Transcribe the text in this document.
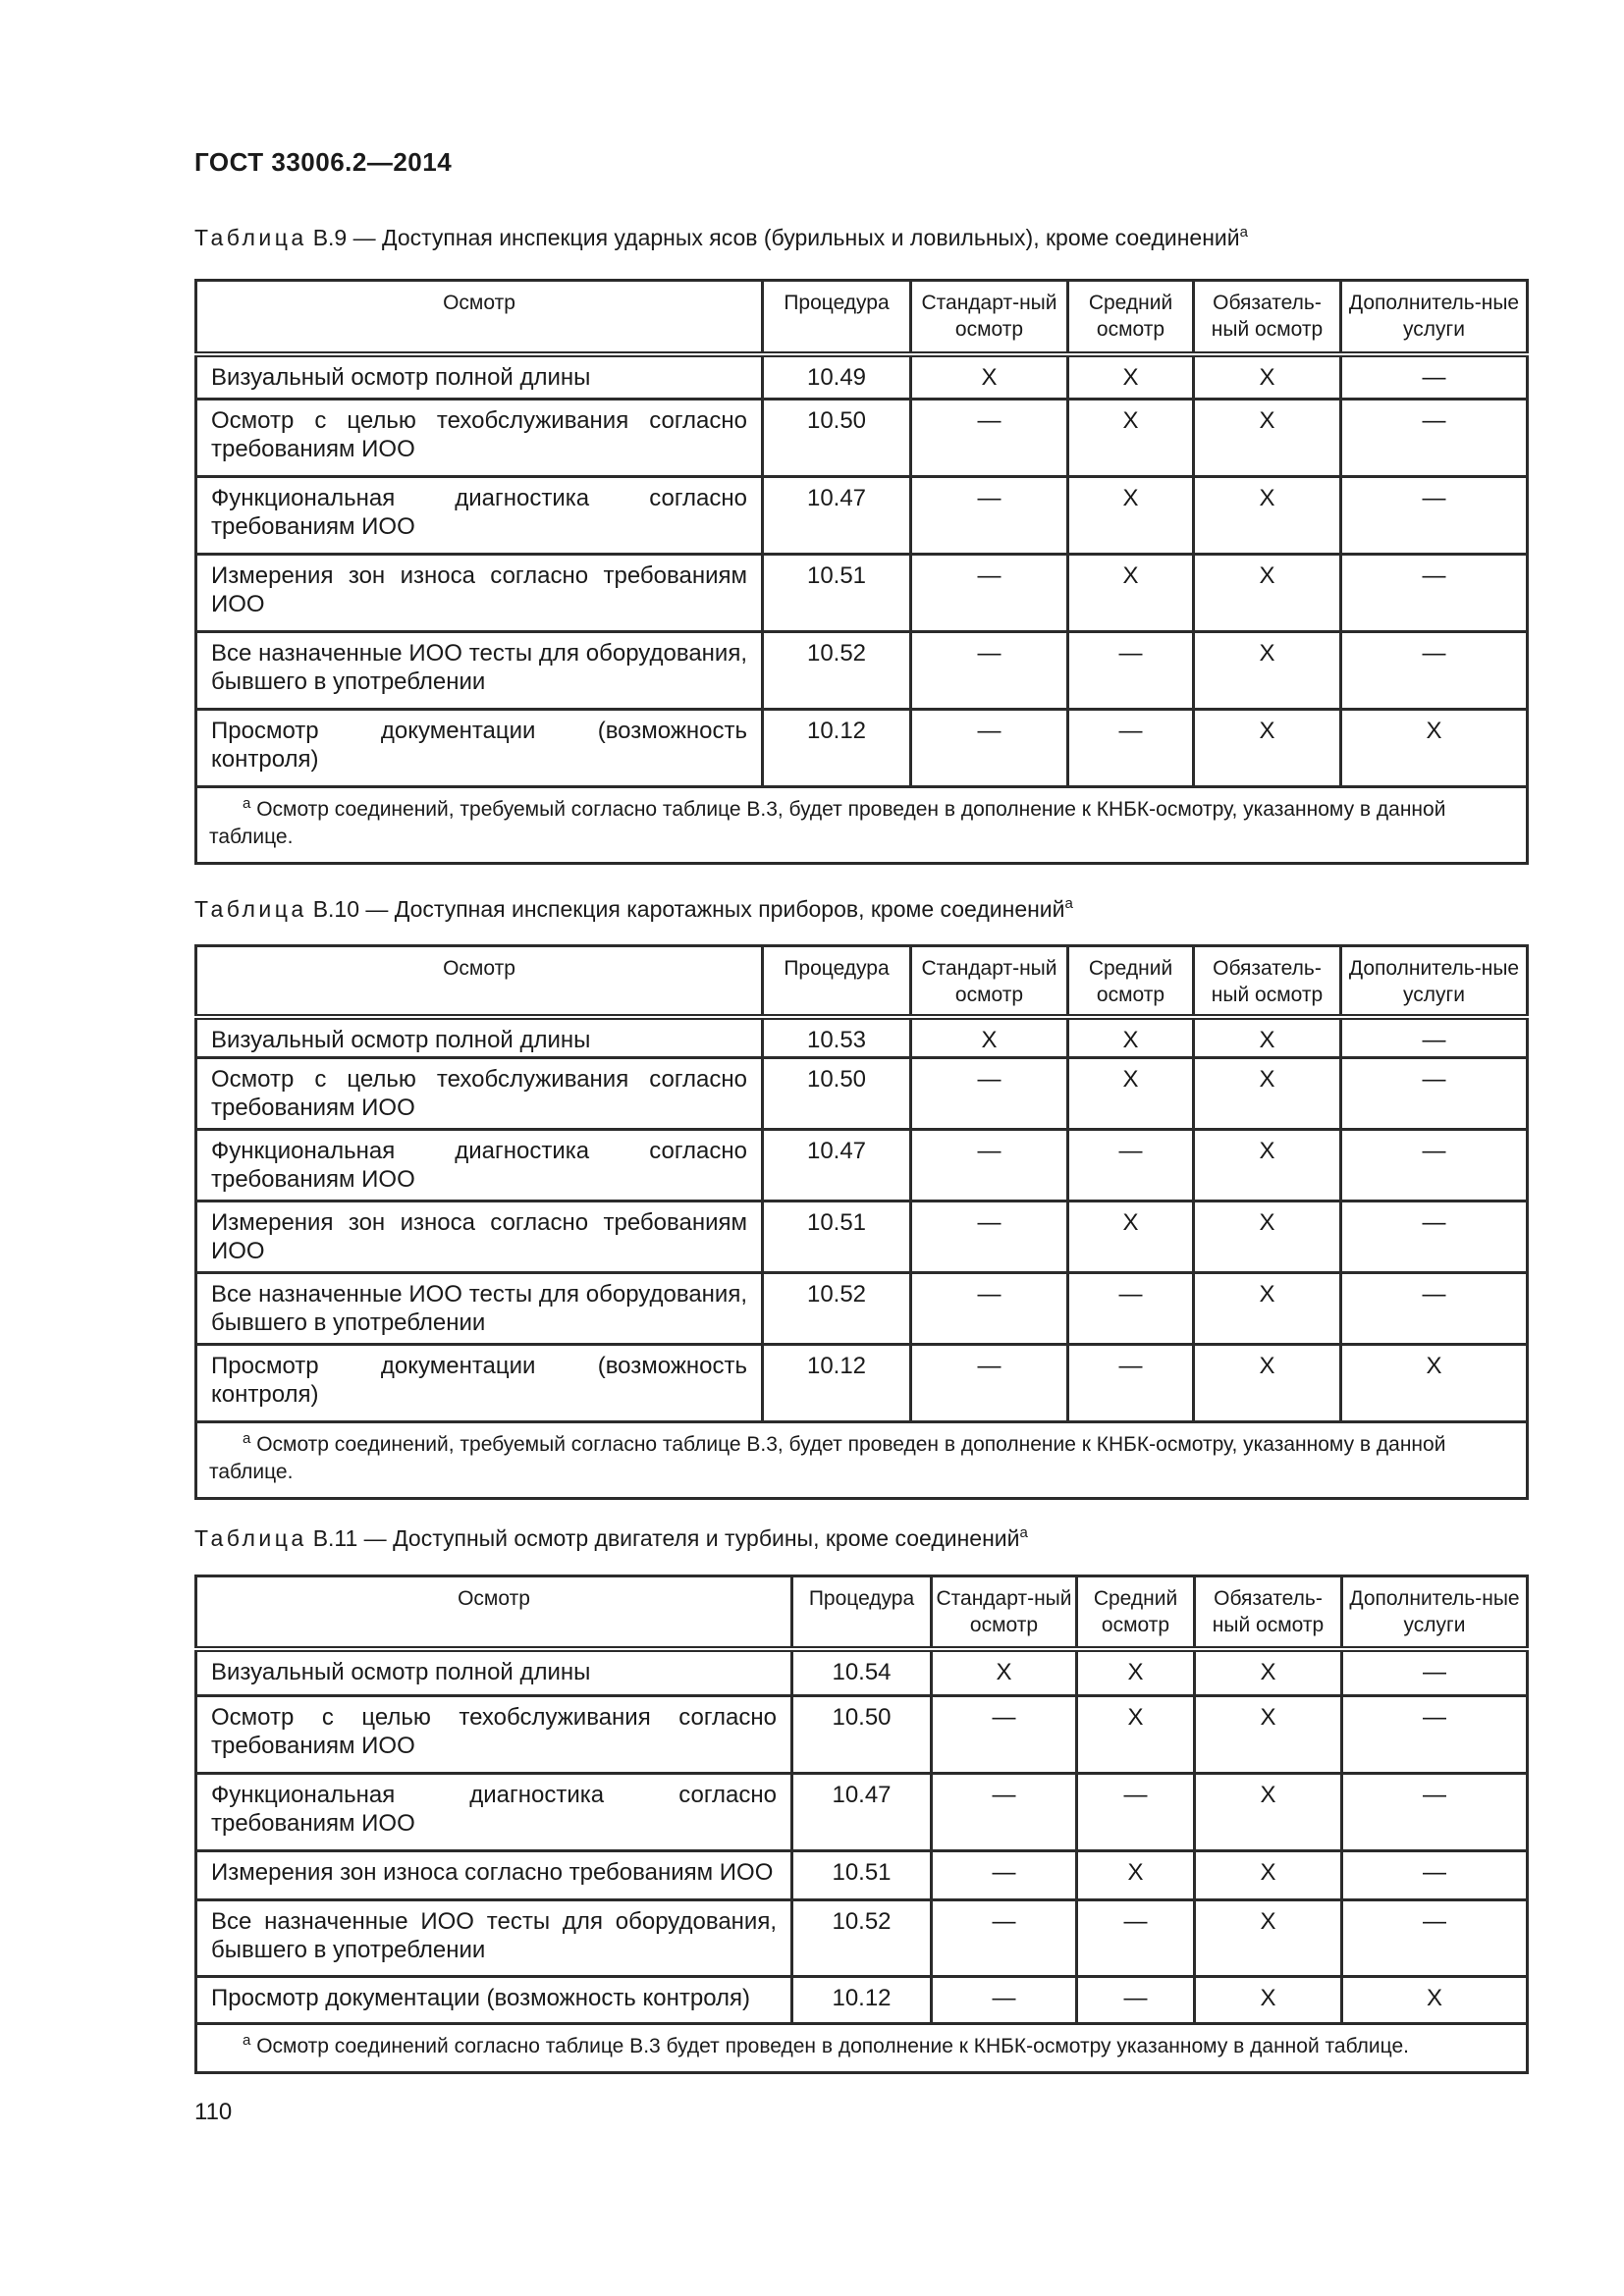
ГОСТ 33006.2—2014
Таблица В.9 — Доступная инспекция ударных ясов (бурильных и ловильных), кроме соединений$^a$
Осмотр	Процедура	Стандарт-ный осмотр	Средний осмотр	Обязатель-ный осмотр	Дополнитель-ные услуги
Визуальный осмотр полной длины	10.49	X	X	X	—
Осмотр с целью техобслуживания согласно требованиям ИОО	10.50	—	X	X	—
Функциональная диагностика согласно требованиям ИОО	10.47	—	X	X	—
Измерения зон износа согласно требованиям ИОО	10.51	—	X	X	—
Все назначенные ИОО тесты для оборудования, бывшего в употреблении	10.52	—	—	X	—
Просмотр документации (возможность контроля)	10.12	—	—	X	X
$^a$ Осмотр соединений, требуемый согласно таблице В.3, будет проведен в дополнение к КНБК-осмотру, указанному в данной таблице.					
Таблица В.10 — Доступная инспекция каротажных приборов, кроме соединений$^a$
Осмотр	Процедура	Стандарт-ный осмотр	Средний осмотр	Обязатель-ный осмотр	Дополнитель-ные услуги
Визуальный осмотр полной длины	10.53	X	X	X	—
Осмотр с целью техобслуживания согласно требованиям ИОО	10.50	—	X	X	—
Функциональная диагностика согласно требованиям ИОО	10.47	—	—	X	—
Измерения зон износа согласно требованиям ИОО	10.51	—	X	X	—
Все назначенные ИОО тесты для оборудования, бывшего в употреблении	10.52	—	—	X	—
Просмотр документации (возможность контроля)	10.12	—	—	X	X
$^a$ Осмотр соединений, требуемый согласно таблице В.3, будет проведен в дополнение к КНБК-осмотру, указанному в данной таблице.					
Таблица В.11 — Доступный осмотр двигателя и турбины, кроме соединений$^a$
Осмотр	Процедура	Стандарт-ный осмотр	Средний осмотр	Обязатель-ный осмотр	Дополнитель-ные услуги
Визуальный осмотр полной длины	10.54	X	X	X	—
Осмотр с целью техобслуживания согласно требованиям ИОО	10.50	—	X	X	—
Функциональная диагностика согласно требованиям ИОО	10.47	—	—	X	—
Измерения зон износа согласно требованиям ИОО	10.51	—	X	X	—
Все назначенные ИОО тесты для оборудования, бывшего в употреблении	10.52	—	—	X	—
Просмотр документации (возможность контроля)	10.12	—	—	X	X
$^a$ Осмотр соединений согласно таблице В.3 будет проведен в дополнение к КНБК-осмотру указанному в данной таблице.					
110
